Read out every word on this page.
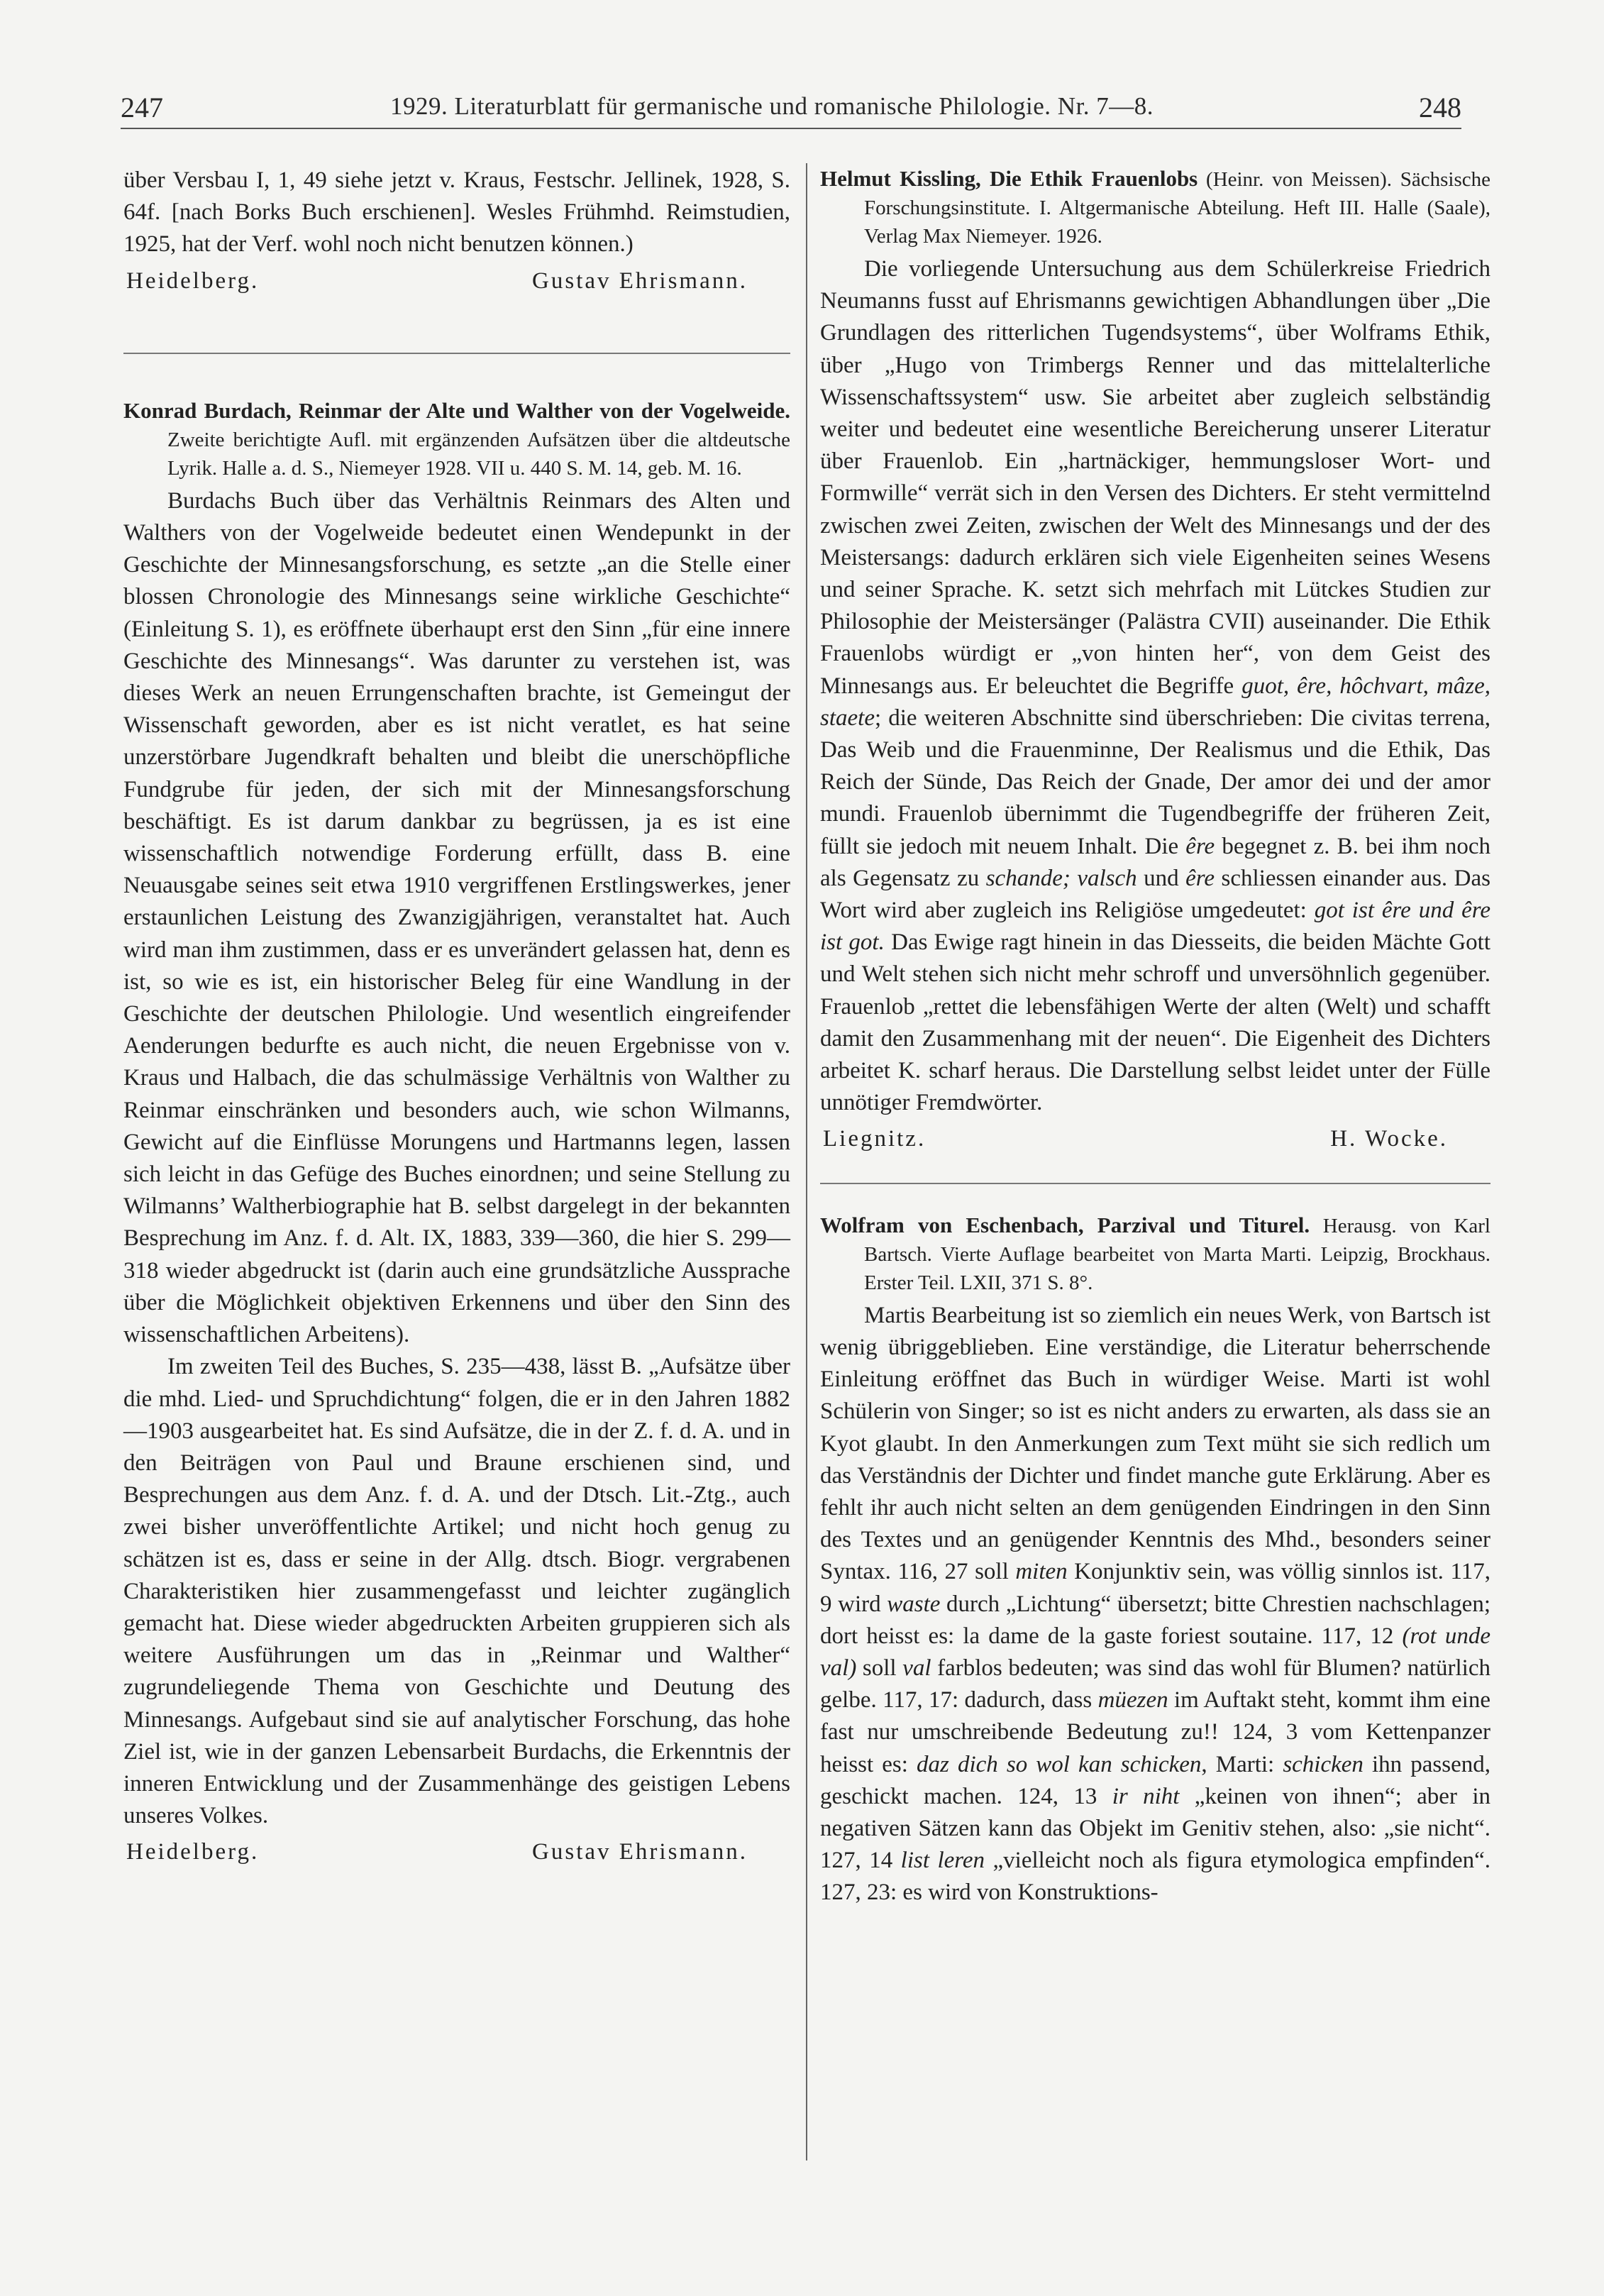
247	1929. Literaturblatt für germanische und romanische Philologie. Nr. 7—8.	248

über Versbau I, 1, 49 siehe jetzt v. Kraus, Festschr. Jellinek, 1928, S. 64f. [nach Borks Buch erschienen]. Wesles Frühmhd. Reimstudien, 1925, hat der Verf. wohl noch nicht benutzen können.)

Heidelberg.	Gustav Ehrismann.

Konrad Burdach, Reinmar der Alte und Walther von der Vogelweide. Zweite berichtigte Aufl. mit ergänzenden Aufsätzen über die altdeutsche Lyrik. Halle a. d. S., Niemeyer 1928. VII u. 440 S. M. 14, geb. M. 16.

Burdachs Buch über das Verhältnis Reinmars des Alten und Walthers von der Vogelweide bedeutet einen Wendepunkt in der Geschichte der Minnesangsforschung, es setzte „an die Stelle einer blossen Chronologie des Minnesangs seine wirkliche Geschichte“ (Einleitung S. 1), es eröffnete überhaupt erst den Sinn „für eine innere Geschichte des Minnesangs“. Was darunter zu verstehen ist, was dieses Werk an neuen Errungenschaften brachte, ist Gemeingut der Wissenschaft geworden, aber es ist nicht veratlet, es hat seine unzerstörbare Jugendkraft behalten und bleibt die unerschöpfliche Fundgrube für jeden, der sich mit der Minnesangsforschung beschäftigt. Es ist darum dankbar zu begrüssen, ja es ist eine wissenschaftlich notwendige Forderung erfüllt, dass B. eine Neuausgabe seines seit etwa 1910 vergriffenen Erstlingswerkes, jener erstaunlichen Leistung des Zwanzigjährigen, veranstaltet hat. Auch wird man ihm zustimmen, dass er es unverändert gelassen hat, denn es ist, so wie es ist, ein historischer Beleg für eine Wandlung in der Geschichte der deutschen Philologie. Und wesentlich eingreifender Aenderungen bedurfte es auch nicht, die neuen Ergebnisse von v. Kraus und Halbach, die das schulmässige Verhältnis von Walther zu Reinmar einschränken und besonders auch, wie schon Wilmanns, Gewicht auf die Einflüsse Morungens und Hartmanns legen, lassen sich leicht in das Gefüge des Buches einordnen; und seine Stellung zu Wilmanns’ Waltherbiographie hat B. selbst dargelegt in der bekannten Besprechung im Anz. f. d. Alt. IX, 1883, 339—360, die hier S. 299—318 wieder abgedruckt ist (darin auch eine grundsätzliche Aussprache über die Möglichkeit objektiven Erkennens und über den Sinn des wissenschaftlichen Arbeitens).

Im zweiten Teil des Buches, S. 235—438, lässt B. „Aufsätze über die mhd. Lied- und Spruchdichtung“ folgen, die er in den Jahren 1882—1903 ausgearbeitet hat. Es sind Aufsätze, die in der Z. f. d. A. und in den Beiträgen von Paul und Braune erschienen sind, und Besprechungen aus dem Anz. f. d. A. und der Dtsch. Lit.-Ztg., auch zwei bisher unveröffentlichte Artikel; und nicht hoch genug zu schätzen ist es, dass er seine in der Allg. dtsch. Biogr. vergrabenen Charakteristiken hier zusammengefasst und leichter zugänglich gemacht hat. Diese wieder abgedruckten Arbeiten gruppieren sich als weitere Ausführungen um das in „Reinmar und Walther“ zugrundeliegende Thema von Geschichte und Deutung des Minnesangs. Aufgebaut sind sie auf analytischer Forschung, das hohe Ziel ist, wie in der ganzen Lebensarbeit Burdachs, die Erkenntnis der inneren Entwicklung und der Zusammenhänge des geistigen Lebens unseres Volkes.

Heidelberg.	Gustav Ehrismann.

Helmut Kissling, Die Ethik Frauenlobs (Heinr. von Meissen). Sächsische Forschungsinstitute. I. Altgermanische Abteilung. Heft III. Halle (Saale), Verlag Max Niemeyer. 1926.

Die vorliegende Untersuchung aus dem Schülerkreise Friedrich Neumanns fusst auf Ehrismanns gewichtigen Abhandlungen über „Die Grundlagen des ritterlichen Tugendsystems“, über Wolframs Ethik, über „Hugo von Trimbergs Renner und das mittelalterliche Wissenschaftssystem“ usw. Sie arbeitet aber zugleich selbständig weiter und bedeutet eine wesentliche Bereicherung unserer Literatur über Frauenlob. Ein „hartnäckiger, hemmungsloser Wort- und Formwille“ verrät sich in den Versen des Dichters. Er steht vermittelnd zwischen zwei Zeiten, zwischen der Welt des Minnesangs und der des Meistersangs: dadurch erklären sich viele Eigenheiten seines Wesens und seiner Sprache. K. setzt sich mehrfach mit Lütckes Studien zur Philosophie der Meistersänger (Palästra CVII) auseinander. Die Ethik Frauenlobs würdigt er „von hinten her“, von dem Geist des Minnesangs aus. Er beleuchtet die Begriffe guot, êre, hôchvart, mâze, staete; die weiteren Abschnitte sind überschrieben: Die civitas terrena, Das Weib und die Frauenminne, Der Realismus und die Ethik, Das Reich der Sünde, Das Reich der Gnade, Der amor dei und der amor mundi. Frauenlob übernimmt die Tugendbegriffe der früheren Zeit, füllt sie jedoch mit neuem Inhalt. Die êre begegnet z. B. bei ihm noch als Gegensatz zu schande; valsch und êre schliessen einander aus. Das Wort wird aber zugleich ins Religiöse umgedeutet: got ist êre und êre ist got. Das Ewige ragt hinein in das Diesseits, die beiden Mächte Gott und Welt stehen sich nicht mehr schroff und unversöhnlich gegenüber. Frauenlob „rettet die lebensfähigen Werte der alten (Welt) und schafft damit den Zusammenhang mit der neuen“. Die Eigenheit des Dichters arbeitet K. scharf heraus. Die Darstellung selbst leidet unter der Fülle unnötiger Fremdwörter.

Liegnitz.	H. Wocke.

Wolfram von Eschenbach, Parzival und Titurel. Herausg. von Karl Bartsch. Vierte Auflage bearbeitet von Marta Marti. Leipzig, Brockhaus. Erster Teil. LXII, 371 S. 8°.

Martis Bearbeitung ist so ziemlich ein neues Werk, von Bartsch ist wenig übriggeblieben. Eine verständige, die Literatur beherrschende Einleitung eröffnet das Buch in würdiger Weise. Marti ist wohl Schülerin von Singer; so ist es nicht anders zu erwarten, als dass sie an Kyot glaubt. In den Anmerkungen zum Text müht sie sich redlich um das Verständnis der Dichter und findet manche gute Erklärung. Aber es fehlt ihr auch nicht selten an dem genügenden Eindringen in den Sinn des Textes und an genügender Kenntnis des Mhd., besonders seiner Syntax. 116, 27 soll miten Konjunktiv sein, was völlig sinnlos ist. 117, 9 wird waste durch „Lichtung“ übersetzt; bitte Chrestien nachschlagen; dort heisst es: la dame de la gaste foriest soutaine. 117, 12 (rot unde val) soll val farblos bedeuten; was sind das wohl für Blumen? natürlich gelbe. 117, 17: dadurch, dass müezen im Auftakt steht, kommt ihm eine fast nur umschreibende Bedeutung zu!! 124, 3 vom Kettenpanzer heisst es: daz dich so wol kan schicken, Marti: schicken ihn passend, geschickt machen. 124, 13 ir niht „keinen von ihnen“; aber in negativen Sätzen kann das Objekt im Genitiv stehen, also: „sie nicht“. 127, 14 list leren „vielleicht noch als figura etymologica empfinden“. 127, 23: es wird von Konstruktions-
